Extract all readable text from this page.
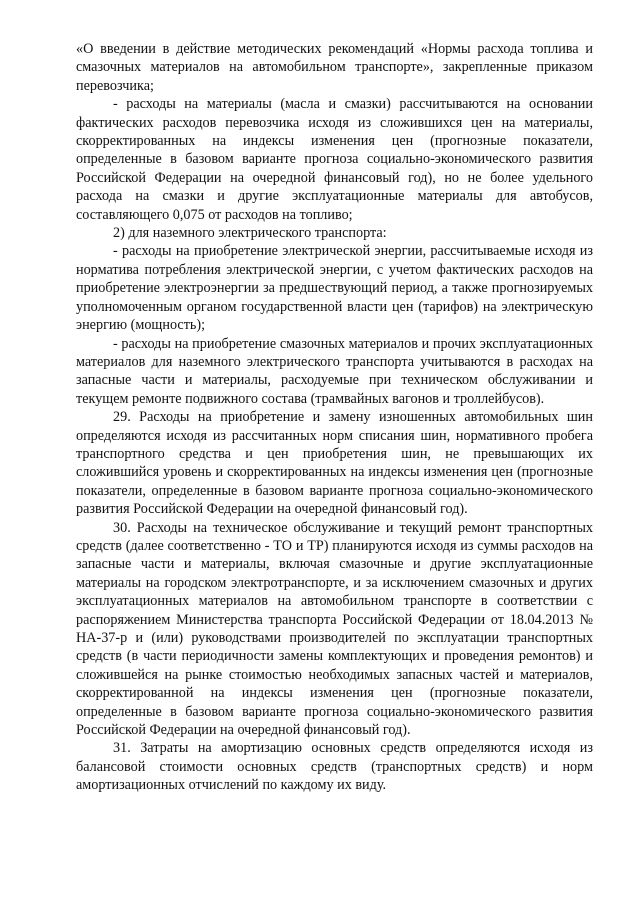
«О введении в действие методических рекомендаций «Нормы расхода топлива и смазочных материалов на автомобильном транспорте», закрепленные приказом перевозчика;

- расходы на материалы (масла и смазки) рассчитываются на основании фактических расходов перевозчика исходя из сложившихся цен на материалы, скорректированных на индексы изменения цен (прогнозные показатели, определенные в базовом варианте прогноза социально-экономического развития Российской Федерации на очередной финансовый год), но не более удельного расхода на смазки и другие эксплуатационные материалы для автобусов, составляющего 0,075 от расходов на топливо;

2) для наземного электрического транспорта:

- расходы на приобретение электрической энергии, рассчитываемые исходя из норматива потребления электрической энергии, с учетом фактических расходов на приобретение электроэнергии за предшествующий период, а также прогнозируемых уполномоченным органом государственной власти цен (тарифов) на электрическую энергию (мощность);

- расходы на приобретение смазочных материалов и прочих эксплуатационных материалов для наземного электрического транспорта учитываются в расходах на запасные части и материалы, расходуемые при техническом обслуживании и текущем ремонте подвижного состава (трамвайных вагонов и троллейбусов).

29. Расходы на приобретение и замену изношенных автомобильных шин определяются исходя из рассчитанных норм списания шин, нормативного пробега транспортного средства и цен приобретения шин, не превышающих их сложившийся уровень и скорректированных на индексы изменения цен (прогнозные показатели, определенные в базовом варианте прогноза социально-экономического развития Российской Федерации на очередной финансовый год).

30. Расходы на техническое обслуживание и текущий ремонт транспортных средств (далее соответственно - ТО и ТР) планируются исходя из суммы расходов на запасные части и материалы, включая смазочные и другие эксплуатационные материалы на городском электротранспорте, и за исключением смазочных и других эксплуатационных материалов на автомобильном транспорте в соответствии с распоряжением Министерства транспорта Российской Федерации от 18.04.2013 № НА-37-р и (или) руководствами производителей по эксплуатации транспортных средств (в части периодичности замены комплектующих и проведения ремонтов) и сложившейся на рынке стоимостью необходимых запасных частей и материалов, скорректированной на индексы изменения цен (прогнозные показатели, определенные в базовом варианте прогноза социально-экономического развития Российской Федерации на очередной финансовый год).

31. Затраты на амортизацию основных средств определяются исходя из балансовой стоимости основных средств (транспортных средств) и норм амортизационных отчислений по каждому их виду.
